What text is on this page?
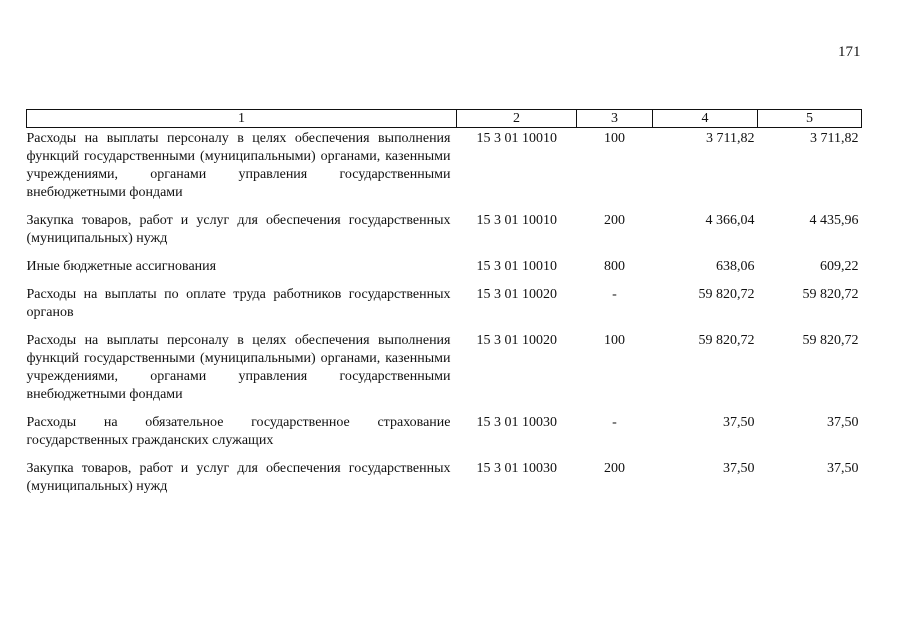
171
1	2	3	4	5
Расходы на выплаты персоналу в целях обеспечения выполнения функций государственными (муниципальными) органами, казенными учреждениями, органами управления государственными внебюджетными фондами	15 3 01 10010	100	3 711,82	3 711,82
Закупка товаров, работ и услуг для обеспечения государственных (муниципальных) нужд	15 3 01 10010	200	4 366,04	4 435,96
Иные бюджетные ассигнования	15 3 01 10010	800	638,06	609,22
Расходы на выплаты по оплате труда работников государственных органов	15 3 01 10020	-	59 820,72	59 820,72
Расходы на выплаты персоналу в целях обеспечения выполнения функций государственными (муниципальными) органами, казенными учреждениями, органами управления государственными внебюджетными фондами	15 3 01 10020	100	59 820,72	59 820,72
Расходы на обязательное государственное страхование государственных гражданских служащих	15 3 01 10030	-	37,50	37,50
Закупка товаров, работ и услуг для обеспечения государственных (муниципальных) нужд	15 3 01 10030	200	37,50	37,50
